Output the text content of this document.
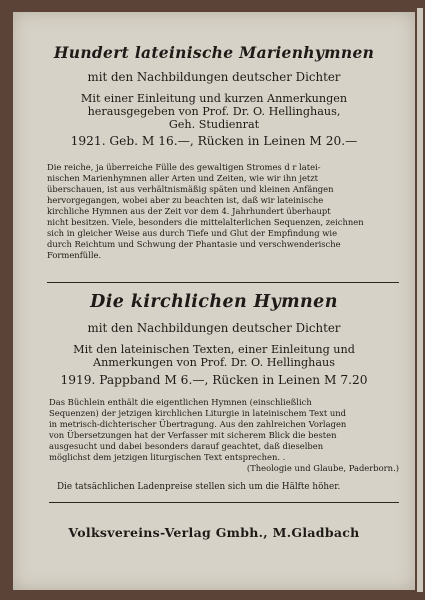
Hundert lateinische Marienhymnen
mit den Nachbildungen deutscher Dichter
Mit einer Einleitung und kurzen Anmerkungen
herausgegeben von Prof. Dr. O. Hellinghaus,
Geh. Studienrat
1921. Geb. M 16.—, Rücken in Leinen M 20.—
Die reiche, ja überreiche Fülle des gewaltigen Stromes d r latei-
nischen Marienhymnen aller Arten und Zeiten, wie wir ihn jetzt
überschauen, ist aus verhältnismäßig späten und kleinen Anfängen
hervorgegangen, wobei aber zu beachten ist, daß wir lateinische
kirchliche Hymnen aus der Zeit vor dem 4. Jahrhundert überhaupt
nicht besitzen. Viele, besonders die mittelalterlichen Sequenzen, zeichnen
sich in gleicher Weise aus durch Tiefe und Glut der Empfindung wie
durch Reichtum und Schwung der Phantasie und verschwenderische
Formenfülle.
Die kirchlichen Hymnen
mit den Nachbildungen deutscher Dichter
Mit den lateinischen Texten, einer Einleitung und
Anmerkungen von Prof. Dr. O. Hellinghaus
1919. Pappband M 6.—, Rücken in Leinen M 7.20
Das Büchlein enthält die eigentlichen Hymnen (einschließlich
Sequenzen) der jetzigen kirchlichen Liturgie in lateinischem Text und
in metrisch-dichterischer Übertragung. Aus den zahlreichen Vorlagen
von Übersetzungen hat der Verfasser mit sicherem Blick die besten
ausgesucht und dabei besonders darauf geachtet, daß dieselben
möglichst dem jetzigen liturgischen Text entsprechen. .
(Theologie und Glaube, Paderborn.)
Die tatsächlichen Ladenpreise stellen sich um die Hälfte höher.
Volksvereins-Verlag Gmbh., M.Gladbach
